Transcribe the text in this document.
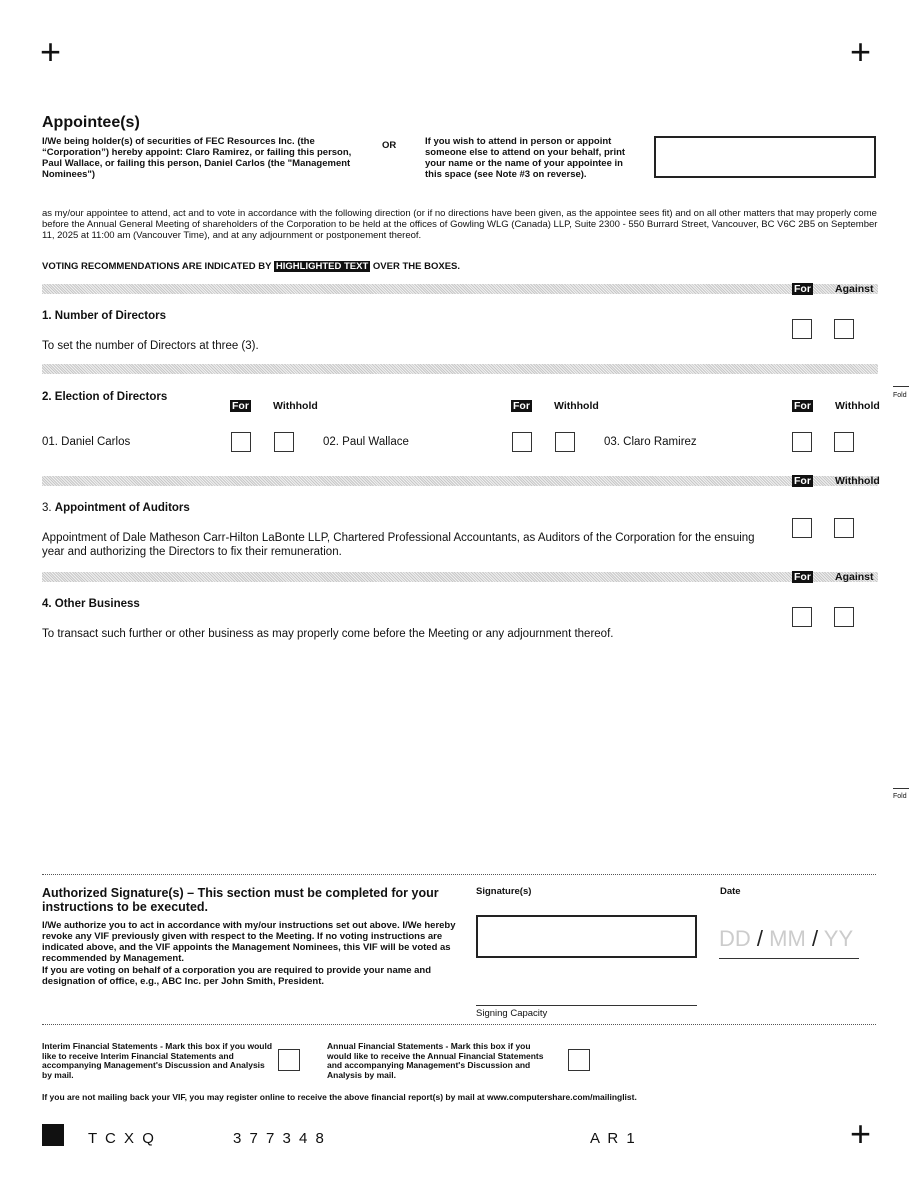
+	+
Appointee(s)
I/We being holder(s) of securities of FEC Resources Inc. (the “Corporation”) hereby appoint: Claro Ramirez, or failing this person, Paul Wallace, or failing this person, Daniel Carlos (the "Management Nominees")
OR	If you wish to attend in person or appoint someone else to attend on your behalf, print your name or the name of your appointee in this space (see Note #3 on reverse).
as my/our appointee to attend, act and to vote in accordance with the following direction (or if no directions have been given, as the appointee sees fit) and on all other matters that may properly come before the Annual General Meeting of shareholders of the Corporation to be held at the offices of Gowling WLG (Canada) LLP, Suite 2300 - 550 Burrard Street, Vancouver, BC V6C 2B5 on September 11, 2025 at 11:00 am (Vancouver Time), and at any adjournment or postponement thereof.
VOTING RECOMMENDATIONS ARE INDICATED BY HIGHLIGHTED TEXT OVER THE BOXES.
For Against
1. Number of Directors
To set the number of Directors at three (3).
2. Election of Directors
For Withhold	For Withhold	For Withhold
01. Daniel Carlos	02. Paul Wallace	03. Claro Ramirez
Fold
For Withhold
3. Appointment of Auditors
Appointment of Dale Matheson Carr-Hilton LaBonte LLP, Chartered Professional Accountants, as Auditors of the Corporation for the ensuing year and authorizing the Directors to fix their remuneration.
For Against
4. Other Business
To transact such further or other business as may properly come before the Meeting or any adjournment thereof.
Fold
Authorized Signature(s) – This section must be completed for your instructions to be executed.
I/We authorize you to act in accordance with my/our instructions set out above. I/We hereby revoke any VIF previously given with respect to the Meeting. If no voting instructions are indicated above, and the VIF appoints the Management Nominees, this VIF will be voted as recommended by Management.
If you are voting on behalf of a corporation you are required to provide your name and designation of office, e.g., ABC Inc. per John Smith, President.
Signature(s)	Date
DD / MM / YY
Signing Capacity
Interim Financial Statements - Mark this box if you would like to receive Interim Financial Statements and accompanying Management's Discussion and Analysis by mail.
Annual Financial Statements - Mark this box if you would like to receive the Annual Financial Statements and accompanying Management's Discussion and Analysis by mail.
If you are not mailing back your VIF, you may register online to receive the above financial report(s) by mail at www.computershare.com/mailinglist.
T C X Q	3 7 7 3 4 8	A R 1	+
